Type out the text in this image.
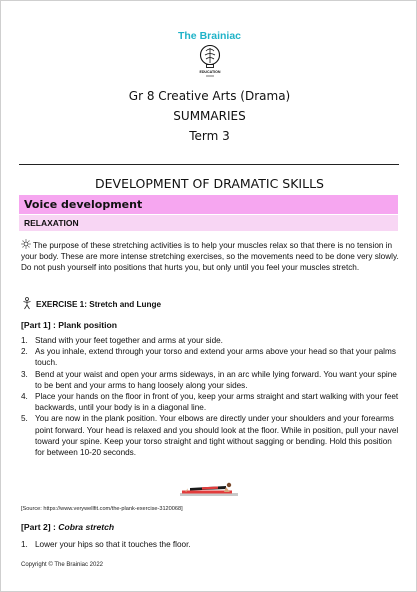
The Brainiac
EDUCATION
Gr 8 Creative Arts (Drama)
SUMMARIES
Term 3
DEVELOPMENT OF DRAMATIC SKILLS
Voice development
RELAXATION
The purpose of these stretching activities is to help your muscles relax so that there is no tension in your body. These are more intense stretching exercises, so the movements need to be done very slowly. Do not push yourself into positions that hurts you, but only until you feel your muscles stretch.
EXERCISE 1: Stretch and Lunge
[Part 1] : Plank position
1. Stand with your feet together and arms at your side.
2. As you inhale, extend through your torso and extend your arms above your head so that your palms touch.
3. Bend at your waist and open your arms sideways, in an arc while lying forward. You want your spine to be bent and your arms to hang loosely along your sides.
4. Place your hands on the floor in front of you, keep your arms straight and start walking with your feet backwards, until your body is in a diagonal line.
5. You are now in the plank position. Your elbows are directly under your shoulders and your forearms point forward. Your head is relaxed and you should look at the floor. While in position, pull your navel toward your spine. Keep your torso straight and tight without sagging or bending. Hold this position for between 10-20 seconds.
[Source: https://www.verywellfit.com/the-plank-exercise-3120068]
[Part 2] : Cobra stretch
1. Lower your hips so that it touches the floor.
Copyright © The Brainiac 2022
